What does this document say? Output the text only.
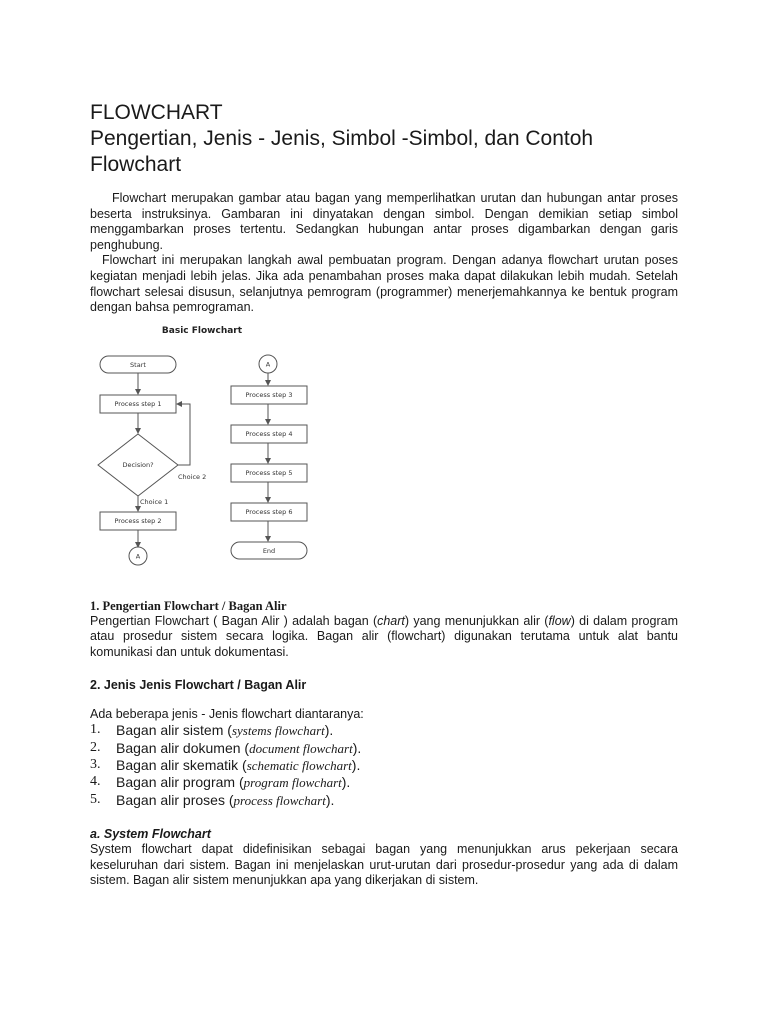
FLOWCHART
Pengertian, Jenis - Jenis, Simbol -Simbol, dan Contoh Flowchart

Flowchart merupakan gambar atau bagan yang memperlihatkan urutan dan hubungan antar proses beserta instruksinya. Gambaran ini dinyatakan dengan simbol. Dengan demikian setiap simbol menggambarkan proses tertentu. Sedangkan hubungan antar proses digambarkan dengan garis penghubung.

Flowchart ini merupakan langkah awal pembuatan program. Dengan adanya flowchart urutan poses kegiatan menjadi lebih jelas. Jika ada penambahan proses maka dapat dilakukan lebih mudah. Setelah flowchart selesai disusun, selanjutnya pemrogram (programmer) menerjemahkannya ke bentuk program dengan bahsa pemrograman.

Basic Flowchart
Start
Process step 1
Decision?
Choice 2
Choice 1
Process step 2
A
A
Process step 3
Process step 4
Process step 5
Process step 6
End

1. Pengertian Flowchart / Bagan Alir

Pengertian Flowchart ( Bagan Alir ) adalah bagan (chart) yang menunjukkan alir (flow) di dalam program atau prosedur sistem secara logika. Bagan alir (flowchart) digunakan terutama untuk alat bantu komunikasi dan untuk dokumentasi.

2. Jenis Jenis Flowchart / Bagan Alir

Ada beberapa jenis - Jenis flowchart diantaranya:

1. Bagan alir sistem (systems flowchart).
2. Bagan alir dokumen (document flowchart).
3. Bagan alir skematik (schematic flowchart).
4. Bagan alir program (program flowchart).
5. Bagan alir proses (process flowchart).

a. System Flowchart

System flowchart dapat didefinisikan sebagai bagan yang menunjukkan arus pekerjaan secara keseluruhan dari sistem. Bagan ini menjelaskan urut-urutan dari prosedur-prosedur yang ada di dalam sistem. Bagan alir sistem menunjukkan apa yang dikerjakan di sistem.
